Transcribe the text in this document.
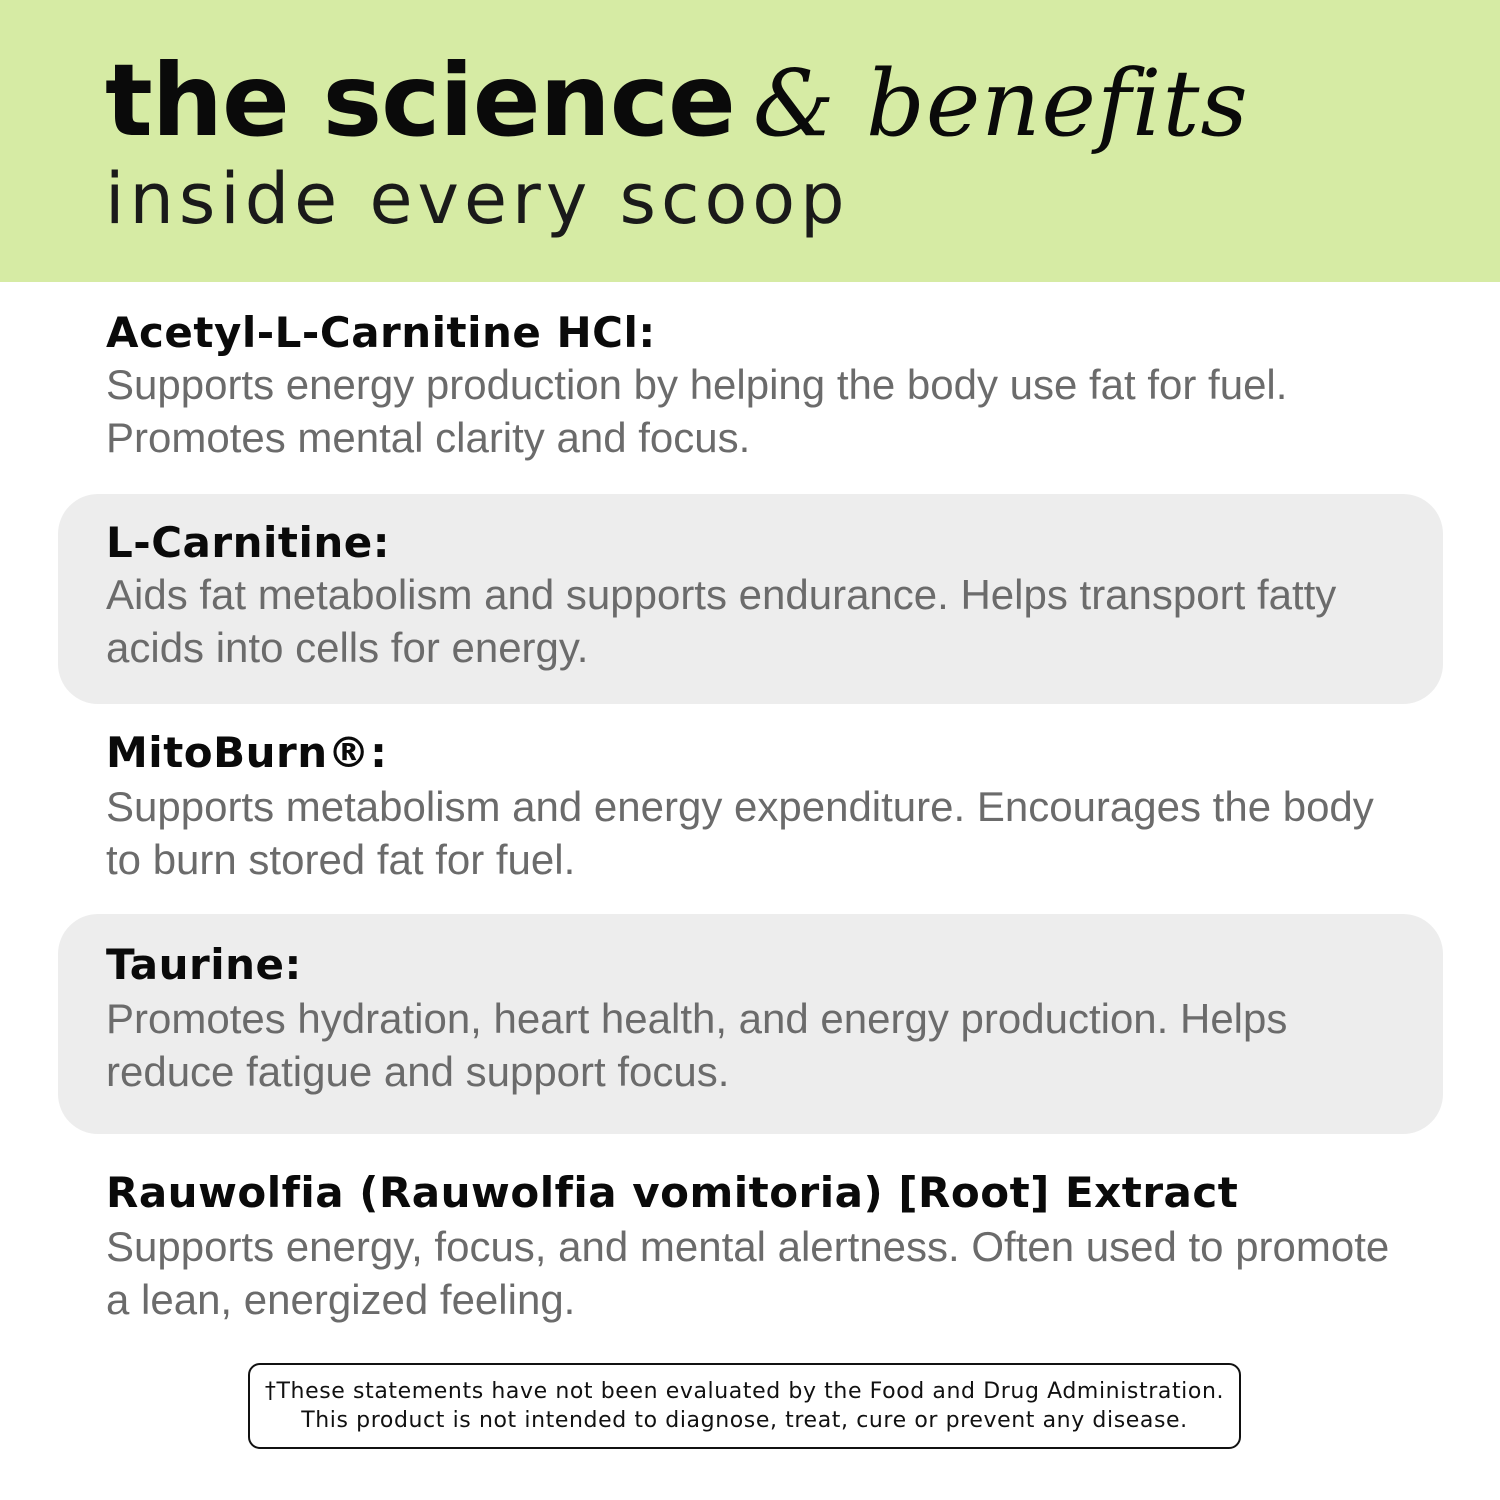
the science & benefits
inside every scoop
Acetyl-L-Carnitine HCl:
Supports energy production by helping the body use fat for fuel. Promotes mental clarity and focus.
L-Carnitine:
Aids fat metabolism and supports endurance. Helps transport fatty acids into cells for energy.
MitoBurn®:
Supports metabolism and energy expenditure. Encourages the body to burn stored fat for fuel.
Taurine:
Promotes hydration, heart health, and energy production. Helps reduce fatigue and support focus.
Rauwolfia (Rauwolfia vomitoria) [Root] Extract
Supports energy, focus, and mental alertness. Often used to promote a lean, energized feeling.
†These statements have not been evaluated by the Food and Drug Administration.
This product is not intended to diagnose, treat, cure or prevent any disease.
